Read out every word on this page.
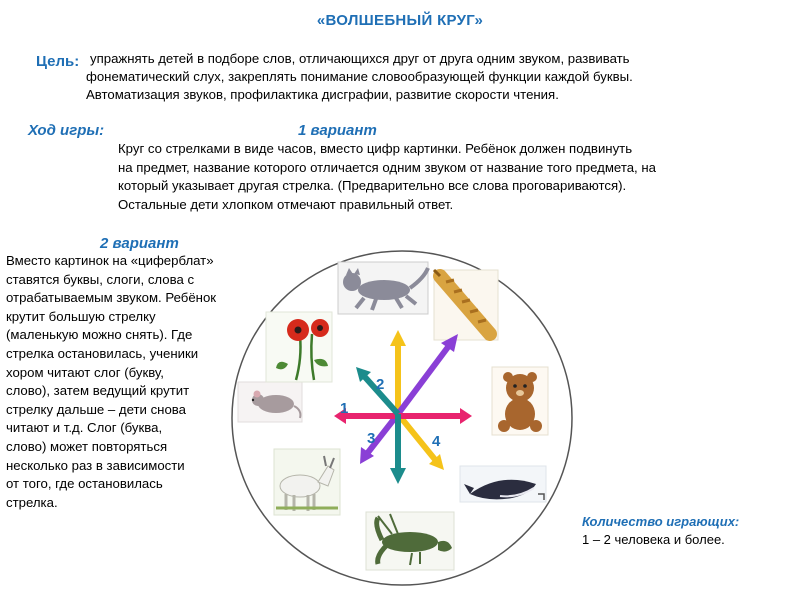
«ВОЛШЕБНЫЙ КРУГ»
Цель: упражнять детей в подборе слов, отличающихся друг от друга одним звуком, развивать
фонематический слух, закреплять понимание словообразующей функции каждой буквы.
Автоматизация звуков, профилактика дисграфии, развитие скорости чтения.
Ход игры:	1 вариант
Круг со стрелками в виде часов, вместо цифр картинки. Ребёнок должен подвинуть
на предмет, название которого отличается одним звуком от название того предмета, на
который указывает другая стрелка. (Предварительно все слова проговариваются).
Остальные дети хлопком отмечают правильный ответ.
2 вариант
Вместо картинок на «циферблат»
ставятся буквы, слоги, слова с
отрабатываемым звуком. Ребёнок
крутит большую стрелку
(маленькую можно снять). Где
стрелка остановилась, ученики
хором читают слог (букву,
слово), затем ведущий крутит
стрелку дальше – дети снова
читают и т.д. Слог (буква,
слово) может повторяться
несколько раз в зависимости
от того, где остановилась
стрелка.
2
1
3	4
Количество играющих:
1 – 2 человека и более.
